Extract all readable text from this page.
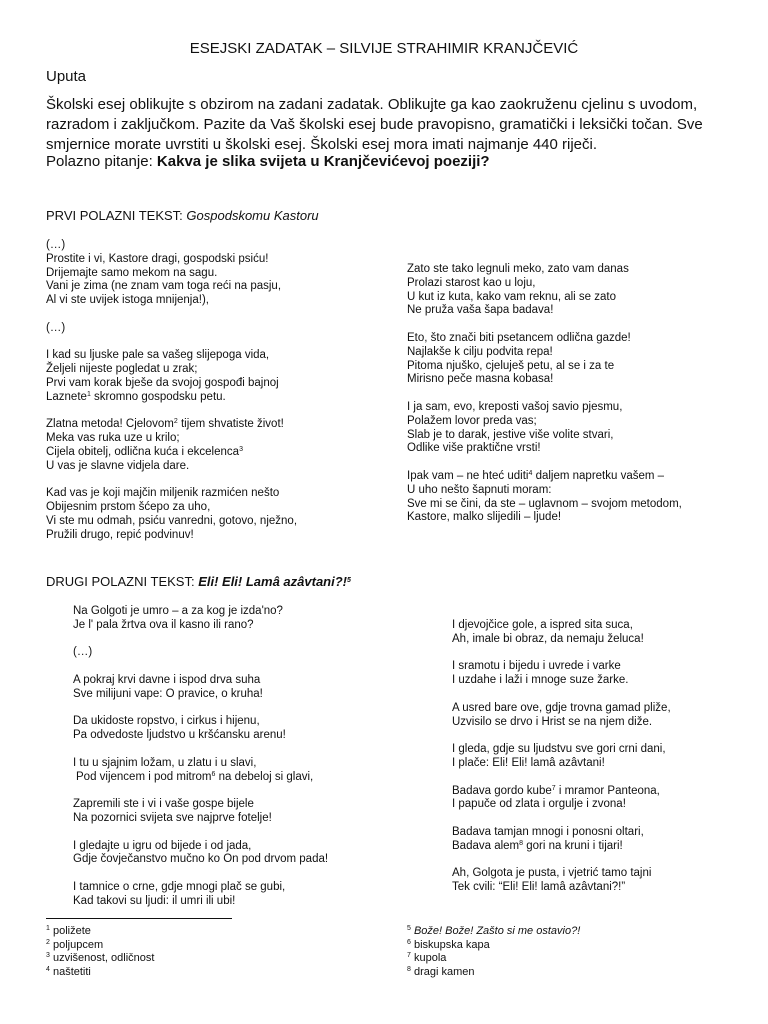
ESEJSKI ZADATAK – SILVIJE STRAHIMIR KRANJČEVIĆ
Uputa
Školski esej oblikujte s obzirom na zadani zadatak. Oblikujte ga kao zaokruženu cjelinu s uvodom,
razradom i zaključkom. Pazite da Vaš školski esej bude pravopisno, gramatički i leksički točan. Sve
smjernice morate uvrstiti u školski esej. Školski esej mora imati najmanje 440 riječi.
Polazno pitanje: Kakva je slika svijeta u Kranjčevićevoj poeziji?
PRVI POLAZNI TEKST: Gospodskomu Kastoru
(…)
Prostite i vi, Kastore dragi, gospodski psiću!
Drijemajte samo mekom na sagu.
Vani je zima (ne znam vam toga reći na pasju,
Al vi ste uvijek istoga mnijenja!),
(…)
I kad su ljuske pale sa vašeg slijepoga vida,
Željeli nijeste pogledat u zrak;
Prvi vam korak bješe da svojoj gospođi bajnoj
Laznete$^1$ skromno gospodsku petu.
Zlatna metoda! Cjelovom$^2$ tijem shvatiste život!
Meka vas ruka uze u krilo;
Cijela obitelj, odlična kuća i ekcelenca$^3$
U vas je slavne vidjela dare.
Kad vas je koji majčin miljenik razmićen nešto
Obijesnim prstom šćepo za uho,
Vi ste mu odmah, psiću vanredni, gotovo, nježno,
Pružili drugo, repić podvinuv!
Zato ste tako legnuli meko, zato vam danas
Prolazi starost kao u loju,
U kut iz kuta, kako vam reknu, ali se zato
Ne pruža vaša šapa badava!
Eto, što znači biti psetancem odlična gazde!
Najlakše k cilju podvita repa!
Pitoma njuško, cjeluješ petu, al se i za te
Mirisno peče masna kobasa!
I ja sam, evo, kreposti vašoj savio pjesmu,
Polažem lovor preda vas;
Slab je to darak, jestive više volite stvari,
Odlike više praktične vrsti!
Ipak vam – ne hteć uditi$^4$ daljem napretku vašem –
U uho nešto šapnuti moram:
Sve mi se čini, da ste – uglavnom – svojom metodom,
Kastore, malko slijedili – ljude!
DRUGI POLAZNI TEKST: Eli! Eli! Lamâ azâvtani?!$^5$
Na Golgoti je umro – a za kog je izda'no?
Je l' pala žrtva ova il kasno ili rano?
(…)
A pokraj krvi davne i ispod drva suha
Sve milijuni vape: O pravice, o kruha!
Da ukidoste ropstvo, i cirkus i hijenu,
Pa odvedoste ljudstvo u kršćansku arenu!
I tu u sjajnim ložam, u zlatu i u slavi,
Pod vijencem i pod mitrom$^6$ na debeloj si glavi,
Zapremili ste i vi i vaše gospe bijele
Na pozornici svijeta sve najprve fotelje!
I gledajte u igru od bijede i od jada,
Gdje čovječanstvo mučno ko On pod drvom pada!
I tamnice o crne, gdje mnogi plač se gubi,
Kad takovi su ljudi: il umri ili ubi!
I djevojčice gole, a ispred sita suca,
Ah, imale bi obraz, da nemaju želuca!
I sramotu i bijedu i uvrede i varke
I uzdahe i laži i mnoge suze žarke.
A usred bare ove, gdje trovna gamad pliže,
Uzvisilo se drvo i Hrist se na njem diže.
I gleda, gdje su ljudstvu sve gori crni dani,
I plače: Eli! Eli! lamâ azâvtani!
Badava gordo kube$^7$ i mramor Panteona,
I papuče od zlata i orgulje i zvona!
Badava tamjan mnogi i ponosni oltari,
Badava alem$^8$ gori na kruni i tijari!
Ah, Golgota je pusta, i vjetrić tamo tajni
Tek cvili: “Eli! Eli! lamâ azâvtani?!”
$^1$ poližete
$^2$ poljupcem
$^3$ uzvišenost, odličnost
$^4$ naštetiti
$^5$ Bože! Bože! Zašto si me ostavio?!
$^6$ biskupska kapa
$^7$ kupola
$^8$ dragi kamen
